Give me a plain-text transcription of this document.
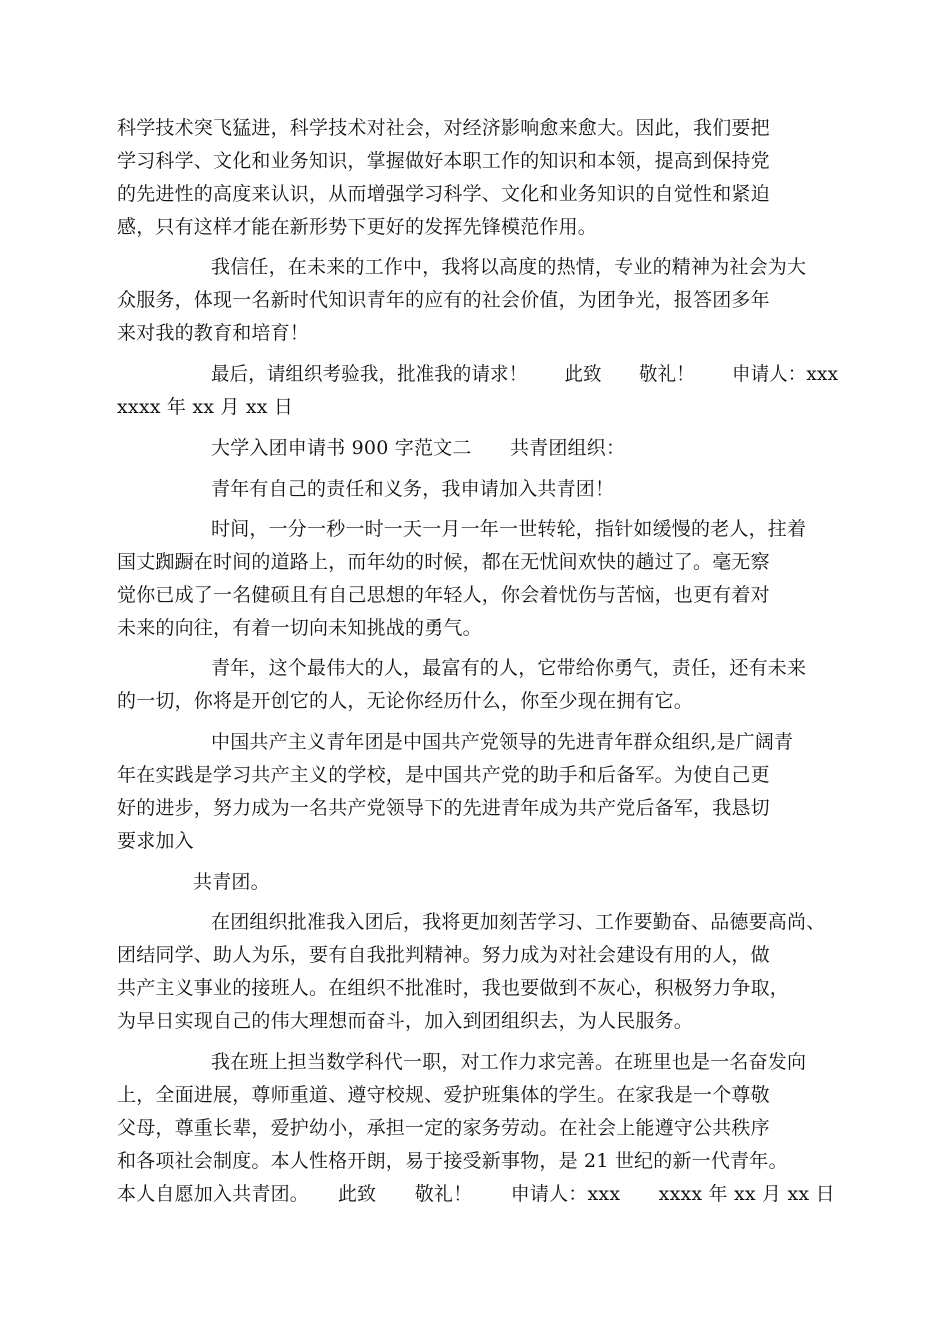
科学技术突飞猛进，科学技术对社会，对经济影响愈来愈大。因此，我们要把
学习科学、文化和业务知识，掌握做好本职工作的知识和本领，提高到保持党
的先进性的高度来认识，从而增强学习科学、文化和业务知识的自觉性和紧迫
感，只有这样才能在新形势下更好的发挥先锋模范作用。
我信任，在未来的工作中，我将以高度的热情，专业的精神为社会为大
众服务，体现一名新时代知识青年的应有的社会价值，为团争光，报答团多年
来对我的教育和培育！
最后，请组织考验我，批准我的请求！　　此致　　敬礼！　　申请人：xxx
xxxx 年 xx 月 xx 日
大学入团申请书 900 字范文二　　共青团组织：
青年有自己的责任和义务，我申请加入共青团！
时间，一分一秒一时一天一月一年一世转轮，指针如缓慢的老人，拄着
国丈踟蹰在时间的道路上，而年幼的时候，都在无忧间欢快的趟过了。毫无察
觉你已成了一名健硕且有自己思想的年轻人，你会着忧伤与苦恼，也更有着对
未来的向往，有着一切向未知挑战的勇气。
青年，这个最伟大的人，最富有的人，它带给你勇气，责任，还有未来
的一切，你将是开创它的人，无论你经历什么，你至少现在拥有它。
中国共产主义青年团是中国共产党领导的先进青年群众组织,是广阔青
年在实践是学习共产主义的学校，是中国共产党的助手和后备军。为使自己更
好的进步，努力成为一名共产党领导下的先进青年成为共产党后备军，我恳切
要求加入
共青团。
在团组织批准我入团后，我将更加刻苦学习、工作要勤奋、品德要高尚、
团结同学、助人为乐，要有自我批判精神。努力成为对社会建设有用的人，做
共产主义事业的接班人。在组织不批准时，我也要做到不灰心，积极努力争取，
为早日实现自己的伟大理想而奋斗，加入到团组织去，为人民服务。
我在班上担当数学科代一职，对工作力求完善。在班里也是一名奋发向
上，全面进展，尊师重道、遵守校规、爱护班集体的学生。在家我是一个尊敬
父母，尊重长辈，爱护幼小，承担一定的家务劳动。在社会上能遵守公共秩序
和各项社会制度。本人性格开朗，易于接受新事物，是 21 世纪的新一代青年。
本人自愿加入共青团。　　此致　　敬礼！　　申请人：xxx　　xxxx 年 xx 月 xx 日
